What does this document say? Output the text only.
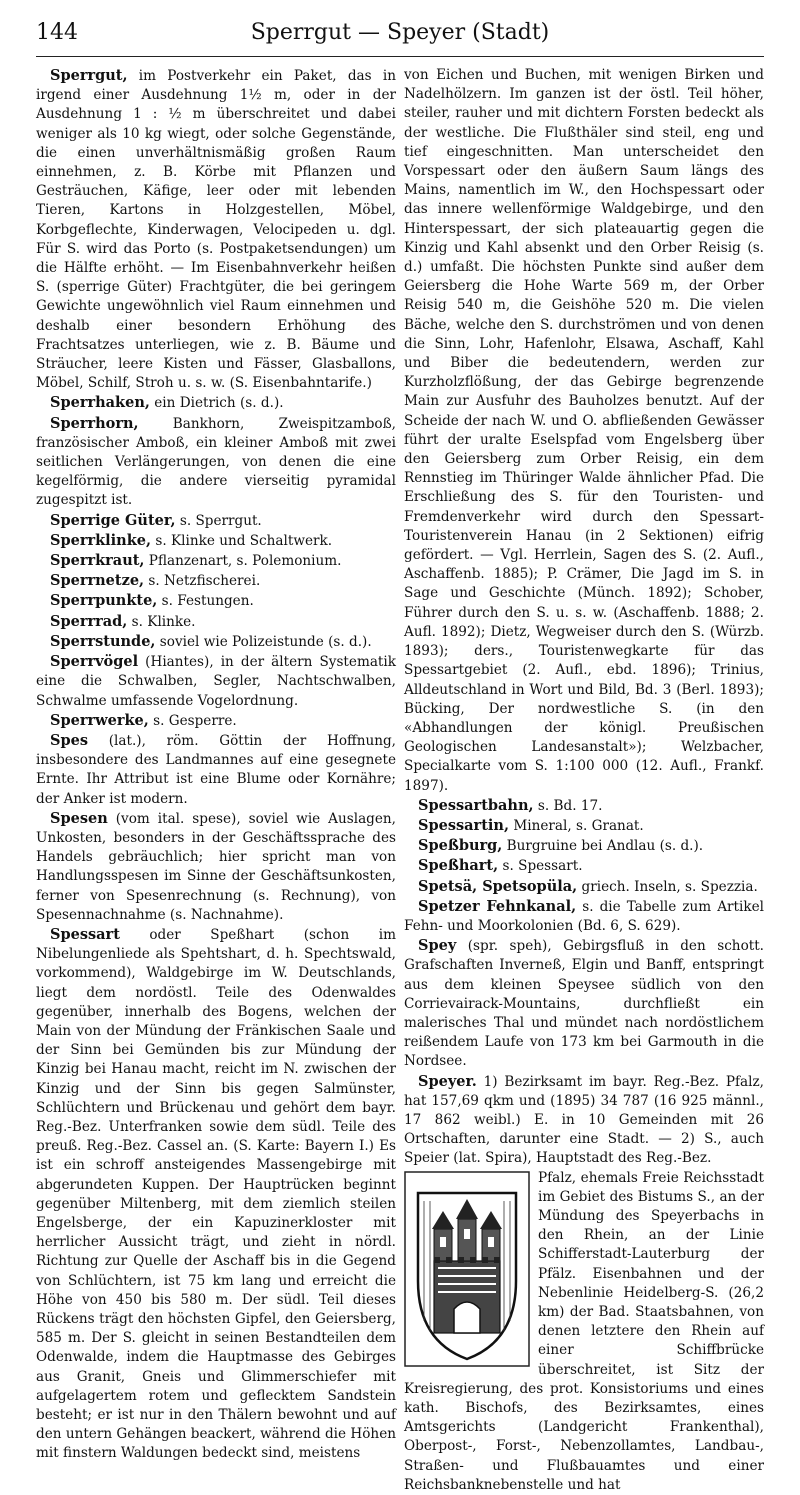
144	Sperrgut — Speyer (Stadt)

Sperrgut, im Postverkehr ein Paket, das in irgend einer Ausdehnung 1½ m, oder in der Ausdehnung 1 : ½ m überschreitet und dabei weniger als 10 kg wiegt, oder solche Gegenstände, die einen unverhältnismäßig großen Raum einnehmen, z. B. Körbe mit Pflanzen und Gesträuchen, Käfige, leer oder mit lebenden Tieren, Kartons in Holzgestellen, Möbel, Korbgeflechte, Kinderwagen, Velocipeden u. dgl. Für S. wird das Porto (s. Postpaketsendungen) um die Hälfte erhöht. — Im Eisenbahnverkehr heißen S. (sperrige Güter) Frachtgüter, die bei geringem Gewichte ungewöhnlich viel Raum einnehmen und deshalb einer besondern Erhöhung des Frachtsatzes unterliegen, wie z. B. Bäume und Sträucher, leere Kisten und Fässer, Glasballons, Möbel, Schilf, Stroh u. s. w. (S. Eisenbahntarife.)

Sperrhaken, ein Dietrich (s. d.).

Sperrhorn, Bankhorn, Zweispitzamboß, französischer Amboß, ein kleiner Amboß mit zwei seitlichen Verlängerungen, von denen die eine kegelförmig, die andere vierseitig pyramidal zugespitzt ist.

Sperrige Güter, s. Sperrgut.

Sperrklinke, s. Klinke und Schaltwerk.

Sperrkraut, Pflanzenart, s. Polemonium.

Sperrnetze, s. Netzfischerei.

Sperrpunkte, s. Festungen.

Sperrrad, s. Klinke.

Sperrstunde, soviel wie Polizeistunde (s. d.).

Sperrvögel (Hiantes), in der ältern Systematik eine die Schwalben, Segler, Nachtschwalben, Schwalme umfassende Vogelordnung.

Sperrwerke, s. Gesperre.

Spes (lat.), röm. Göttin der Hoffnung, insbesondere des Landmannes auf eine gesegnete Ernte. Ihr Attribut ist eine Blume oder Kornähre; der Anker ist modern.

Spesen (vom ital. spese), soviel wie Auslagen, Unkosten, besonders in der Geschäftssprache des Handels gebräuchlich; hier spricht man von Handlungsspesen im Sinne der Geschäftsunkosten, ferner von Spesenrechnung (s. Rechnung), von Spesennachnahme (s. Nachnahme).

Spessart oder Speßhart (schon im Nibelungenliede als Spehtshart, d. h. Spechtswald, vorkommend), Waldgebirge im W. Deutschlands, liegt dem nordöstl. Teile des Odenwaldes gegenüber, innerhalb des Bogens, welchen der Main von der Mündung der Fränkischen Saale und der Sinn bei Gemünden bis zur Mündung der Kinzig bei Hanau macht, reicht im N. zwischen der Kinzig und der Sinn bis gegen Salmünster, Schlüchtern und Brückenau und gehört dem bayr. Reg.-Bez. Unterfranken sowie dem südl. Teile des preuß. Reg.-Bez. Cassel an. (S. Karte: Bayern I.) Es ist ein schroff ansteigendes Massengebirge mit abgerundeten Kuppen. Der Hauptrücken beginnt gegenüber Miltenberg, mit dem ziemlich steilen Engelsberge, der ein Kapuzinerkloster mit herrlicher Aussicht trägt, und zieht in nördl. Richtung zur Quelle der Aschaff bis in die Gegend von Schlüchtern, ist 75 km lang und erreicht die Höhe von 450 bis 580 m. Der südl. Teil dieses Rückens trägt den höchsten Gipfel, den Geiersberg, 585 m. Der S. gleicht in seinen Bestandteilen dem Odenwalde, indem die Hauptmasse des Gebirges aus Granit, Gneis und Glimmerschiefer mit aufgelagertem rotem und geflecktem Sandstein besteht; er ist nur in den Thälern bewohnt und auf den untern Gehängen beackert, während die Höhen mit finstern Waldungen bedeckt sind, meistens

von Eichen und Buchen, mit wenigen Birken und Nadelhölzern. Im ganzen ist der östl. Teil höher, steiler, rauher und mit dichtern Forsten bedeckt als der westliche. Die Flußthäler sind steil, eng und tief eingeschnitten. Man unterscheidet den Vorspessart oder den äußern Saum längs des Mains, namentlich im W., den Hochspessart oder das innere wellenförmige Waldgebirge, und den Hinterspessart, der sich plateauartig gegen die Kinzig und Kahl absenkt und den Orber Reisig (s. d.) umfaßt. Die höchsten Punkte sind außer dem Geiersberg die Hohe Warte 569 m, der Orber Reisig 540 m, die Geishöhe 520 m. Die vielen Bäche, welche den S. durchströmen und von denen die Sinn, Lohr, Hafenlohr, Elsawa, Aschaff, Kahl und Biber die bedeutendern, werden zur Kurzholzflößung, der das Gebirge begrenzende Main zur Ausfuhr des Bauholzes benutzt. Auf der Scheide der nach W. und O. abfließenden Gewässer führt der uralte Eselspfad vom Engelsberg über den Geiersberg zum Orber Reisig, ein dem Rennstieg im Thüringer Walde ähnlicher Pfad. Die Erschließung des S. für den Touristen- und Fremdenverkehr wird durch den Spessart-Touristenverein Hanau (in 2 Sektionen) eifrig gefördert. — Vgl. Herrlein, Sagen des S. (2. Aufl., Aschaffenb. 1885); P. Crämer, Die Jagd im S. in Sage und Geschichte (Münch. 1892); Schober, Führer durch den S. u. s. w. (Aschaffenb. 1888; 2. Aufl. 1892); Dietz, Wegweiser durch den S. (Würzb. 1893); ders., Touristenwegkarte für das Spessartgebiet (2. Aufl., ebd. 1896); Trinius, Alldeutschland in Wort und Bild, Bd. 3 (Berl. 1893); Bücking, Der nordwestliche S. (in den «Abhandlungen der königl. Preußischen Geologischen Landesanstalt»); Welzbacher, Specialkarte vom S. 1:100 000 (12. Aufl., Frankf. 1897).

Spessartbahn, s. Bd. 17.

Spessartin, Mineral, s. Granat.

Speßburg, Burgruine bei Andlau (s. d.).

Speßhart, s. Spessart.

Spetsä, Spetsopüla, griech. Inseln, s. Spezzia.

Spetzer Fehnkanal, s. die Tabelle zum Artikel Fehn- und Moorkolonien (Bd. 6, S. 629).

Spey (spr. speh), Gebirgsfluß in den schott. Grafschaften Inverneß, Elgin und Banff, entspringt aus dem kleinen Speysee südlich von den Corrievairack-Mountains, durchfließt ein malerisches Thal und mündet nach nordöstlichem reißendem Laufe von 173 km bei Garmouth in die Nordsee.

Speyer. 1) Bezirksamt im bayr. Reg.-Bez. Pfalz, hat 157,69 qkm und (1895) 34 787 (16 925 männl., 17 862 weibl.) E. in 10 Gemeinden mit 26 Ortschaften, darunter eine Stadt. — 2) S., auch Speier (lat. Spira), Hauptstadt des Reg.-Bez.

Pfalz, ehemals Freie Reichsstadt im Gebiet des Bistums S., an der Mündung des Speyerbachs in den Rhein, an der Linie Schifferstadt-Lauterburg der Pfälz. Eisenbahnen und der Nebenlinie Heidelberg-S. (26,2 km) der Bad. Staatsbahnen, von denen letztere den Rhein auf einer Schiffbrücke überschreitet, ist Sitz der Kreisregierung, des prot. Konsistoriums und eines kath. Bischofs, des Bezirksamtes, eines Amtsgerichts (Landgericht Frankenthal), Oberpost-, Forst-, Nebenzollamtes, Landbau-, Straßen- und Flußbauamtes und einer Reichsbanknebenstelle und hat
